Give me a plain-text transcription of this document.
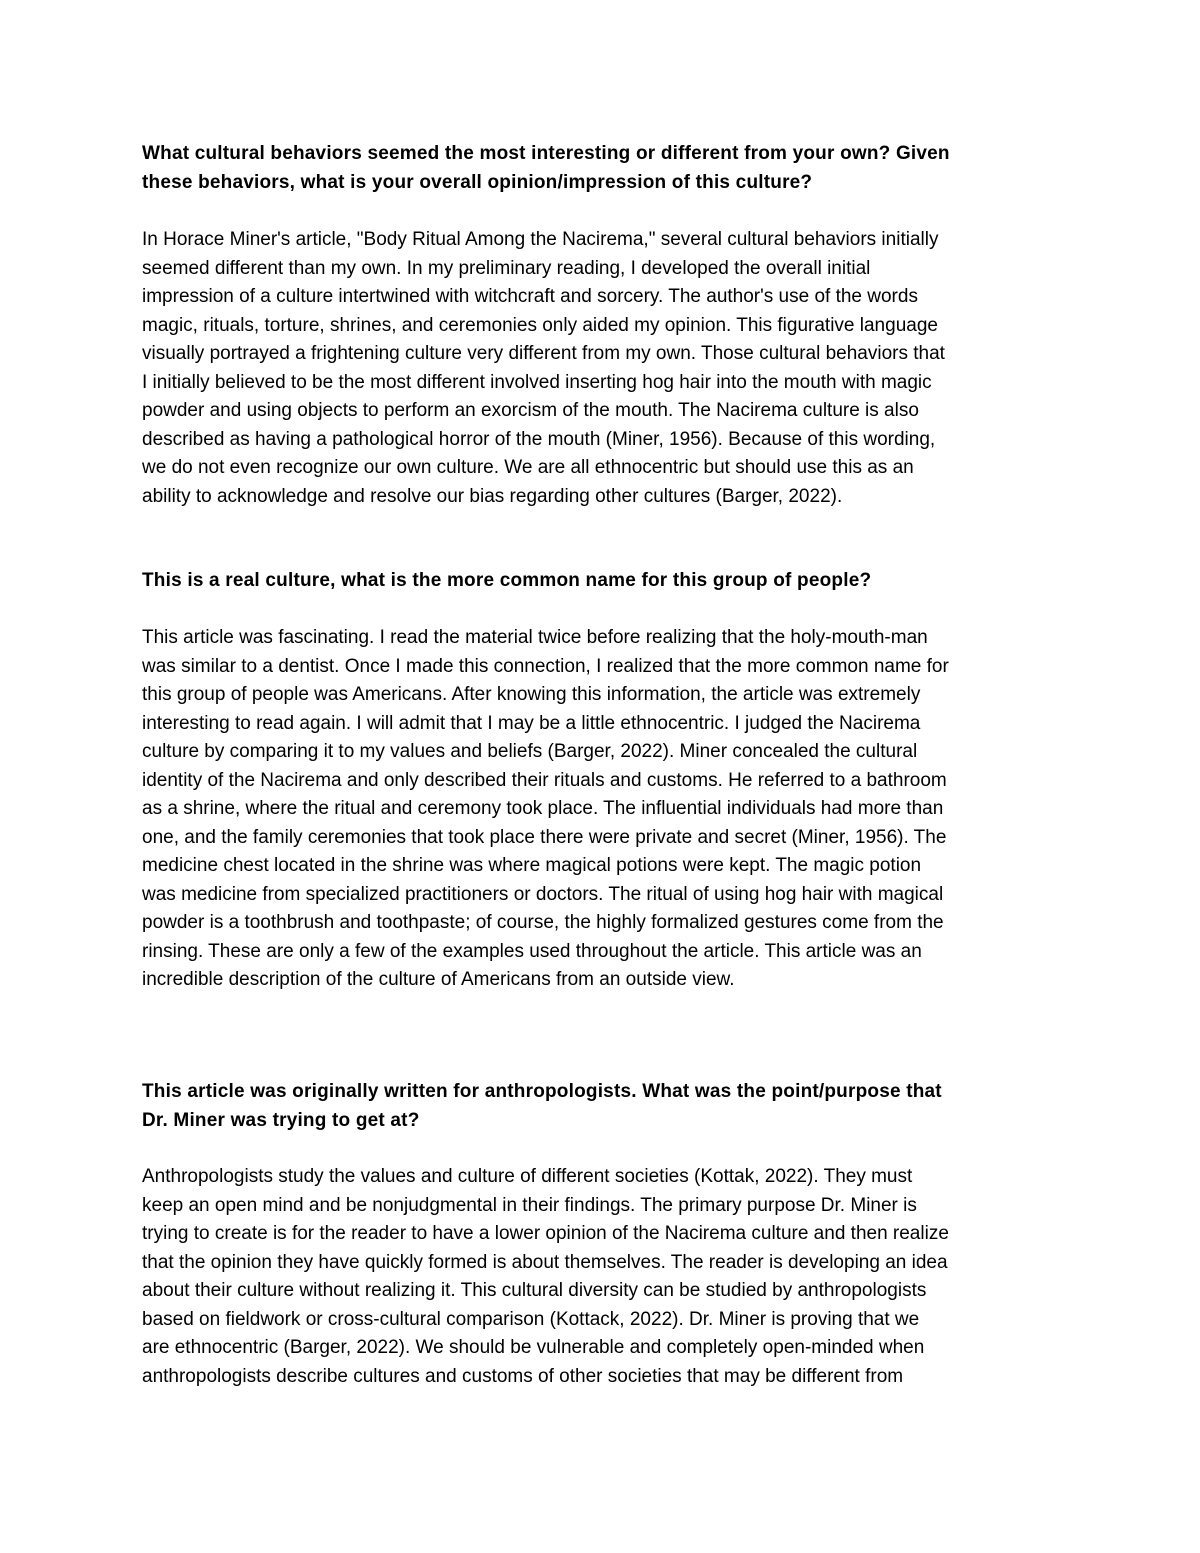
What cultural behaviors seemed the most interesting or different from your own? Given
these behaviors, what is your overall opinion/impression of this culture?
In Horace Miner's article, "Body Ritual Among the Nacirema," several cultural behaviors initially
seemed different than my own. In my preliminary reading, I developed the overall initial
impression of a culture intertwined with witchcraft and sorcery. The author's use of the words
magic, rituals, torture, shrines, and ceremonies only aided my opinion. This figurative language
visually portrayed a frightening culture very different from my own. Those cultural behaviors that
I initially believed to be the most different involved inserting hog hair into the mouth with magic
powder and using objects to perform an exorcism of the mouth. The Nacirema culture is also
described as having a pathological horror of the mouth (Miner, 1956). Because of this wording,
we do not even recognize our own culture. We are all ethnocentric but should use this as an
ability to acknowledge and resolve our bias regarding other cultures (Barger, 2022).
This is a real culture, what is the more common name for this group of people?
This article was fascinating. I read the material twice before realizing that the holy-mouth-man
was similar to a dentist. Once I made this connection, I realized that the more common name for
this group of people was Americans. After knowing this information, the article was extremely
interesting to read again. I will admit that I may be a little ethnocentric. I judged the Nacirema
culture by comparing it to my values and beliefs (Barger, 2022). Miner concealed the cultural
identity of the Nacirema and only described their rituals and customs. He referred to a bathroom
as a shrine, where the ritual and ceremony took place. The influential individuals had more than
one, and the family ceremonies that took place there were private and secret (Miner, 1956). The
medicine chest located in the shrine was where magical potions were kept. The magic potion
was medicine from specialized practitioners or doctors. The ritual of using hog hair with magical
powder is a toothbrush and toothpaste; of course, the highly formalized gestures come from the
rinsing. These are only a few of the examples used throughout the article. This article was an
incredible description of the culture of Americans from an outside view.
This article was originally written for anthropologists. What was the point/purpose that
Dr. Miner was trying to get at?
Anthropologists study the values and culture of different societies (Kottak, 2022). They must
keep an open mind and be nonjudgmental in their findings. The primary purpose Dr. Miner is
trying to create is for the reader to have a lower opinion of the Nacirema culture and then realize
that the opinion they have quickly formed is about themselves. The reader is developing an idea
about their culture without realizing it. This cultural diversity can be studied by anthropologists
based on fieldwork or cross-cultural comparison (Kottack, 2022). Dr. Miner is proving that we
are ethnocentric (Barger, 2022). We should be vulnerable and completely open-minded when
anthropologists describe cultures and customs of other societies that may be different from
